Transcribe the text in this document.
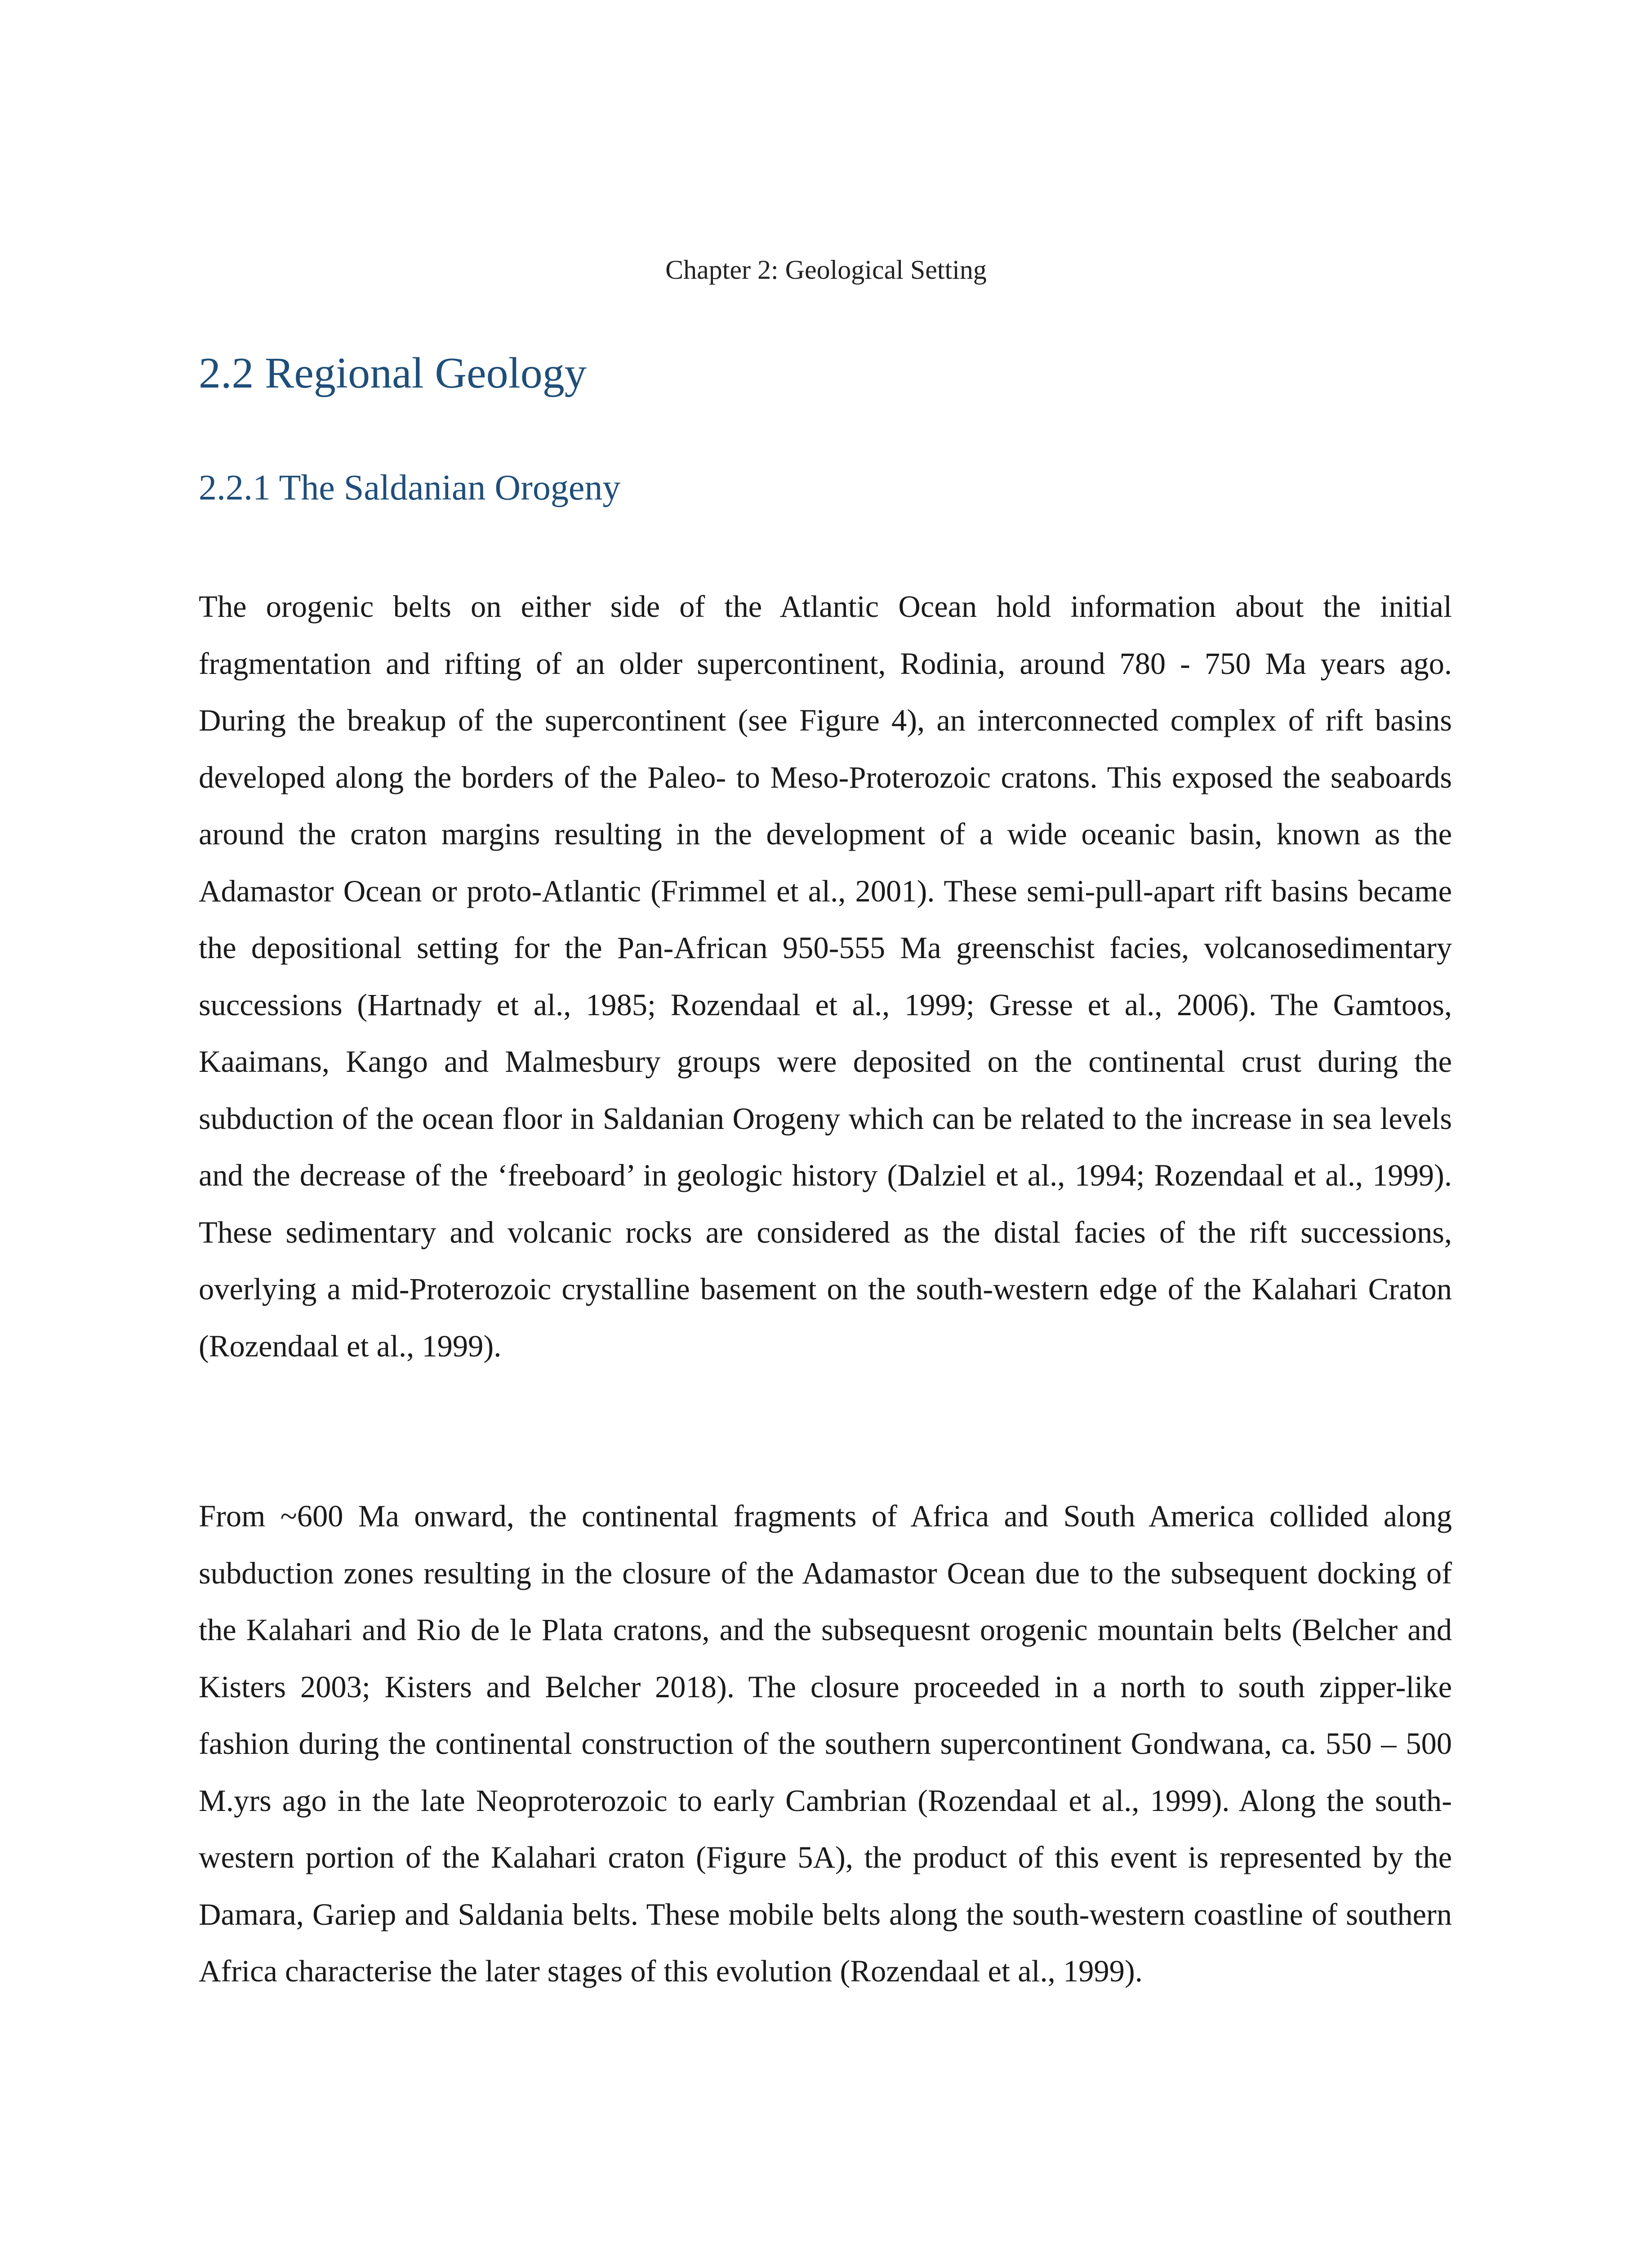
Chapter 2: Geological Setting
2.2 Regional Geology
2.2.1 The Saldanian Orogeny

The orogenic belts on either side of the Atlantic Ocean hold information about the initial fragmentation and rifting of an older supercontinent, Rodinia, around 780 - 750 Ma years ago. During the breakup of the supercontinent (see Figure 4), an interconnected complex of rift basins developed along the borders of the Paleo- to Meso-Proterozoic cratons. This exposed the seaboards around the craton margins resulting in the development of a wide oceanic basin, known as the Adamastor Ocean or proto-Atlantic (Frimmel et al., 2001). These semi-pull-apart rift basins became the depositional setting for the Pan-African 950-555 Ma greenschist facies, volcanosedimentary successions (Hartnady et al., 1985; Rozendaal et al., 1999; Gresse et al., 2006). The Gamtoos, Kaaimans, Kango and Malmesbury groups were deposited on the continental crust during the subduction of the ocean floor in Saldanian Orogeny which can be related to the increase in sea levels and the decrease of the ‘freeboard’ in geologic history (Dalziel et al., 1994; Rozendaal et al., 1999). These sedimentary and volcanic rocks are considered as the distal facies of the rift successions, overlying a mid-Proterozoic crystalline basement on the south-western edge of the Kalahari Craton (Rozendaal et al., 1999).

From ~600 Ma onward, the continental fragments of Africa and South America collided along subduction zones resulting in the closure of the Adamastor Ocean due to the subsequent docking of the Kalahari and Rio de le Plata cratons, and the subsequesnt orogenic mountain belts (Belcher and Kisters 2003; Kisters and Belcher 2018). The closure proceeded in a north to south zipper-like fashion during the continental construction of the southern supercontinent Gondwana, ca. 550 – 500 M.yrs ago in the late Neoproterozoic to early Cambrian (Rozendaal et al., 1999). Along the south-western portion of the Kalahari craton (Figure 5A), the product of this event is represented by the Damara, Gariep and Saldania belts. These mobile belts along the south-western coastline of southern Africa characterise the later stages of this evolution (Rozendaal et al., 1999).
